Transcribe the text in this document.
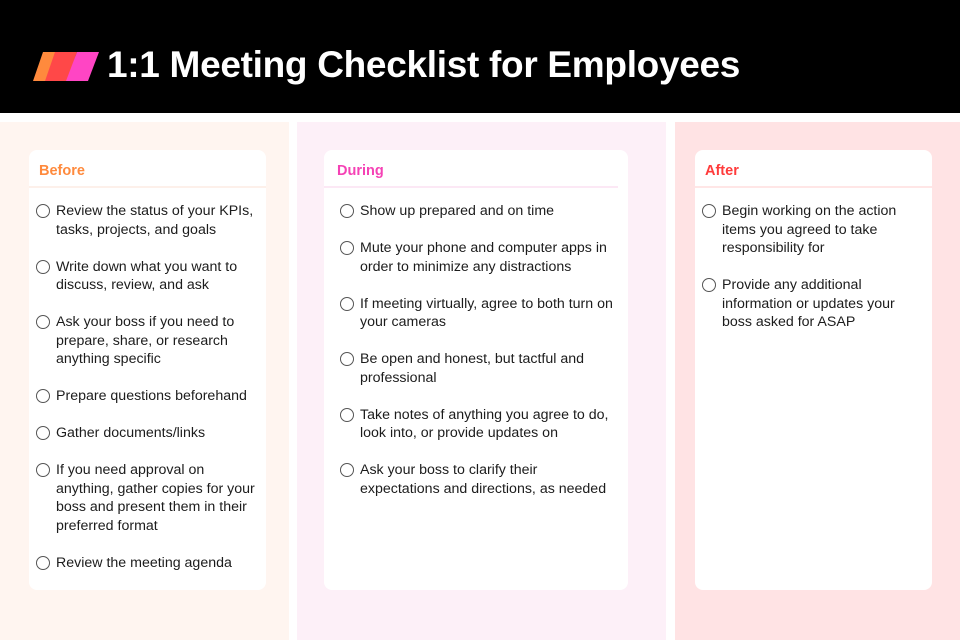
1:1 Meeting Checklist for Employees
Before
Review the status of your KPIs, tasks, projects, and goals
Write down what you want to discuss, review, and ask
Ask your boss if you need to prepare, share, or research anything specific
Prepare questions beforehand
Gather documents/links
If you need approval on anything, gather copies for your boss and present them in their preferred format
Review the meeting agenda
During
Show up prepared and on time
Mute your phone and computer apps in order to minimize any distractions
If meeting virtually, agree to both turn on your cameras
Be open and honest, but tactful and professional
Take notes of anything you agree to do, look into, or provide updates on
Ask your boss to clarify their expectations and directions, as needed
After
Begin working on the action items you agreed to take responsibility for
Provide any additional information or updates your boss asked for ASAP
